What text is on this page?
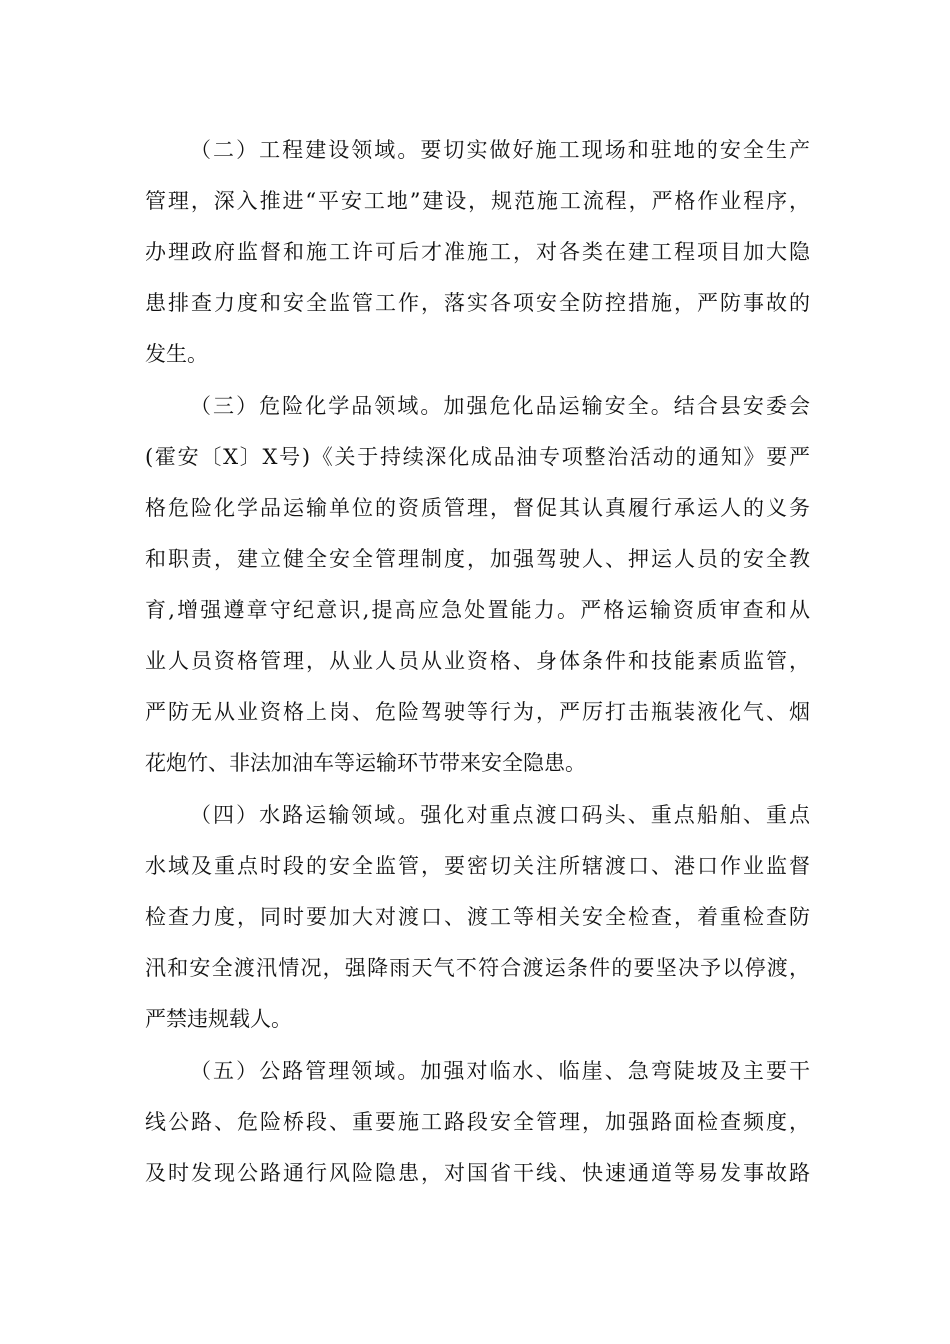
（二）工程建设领域。要切实做好施工现场和驻地的安全生产
管理，深入推进“平安工地”建设，规范施工流程，严格作业程序，
办理政府监督和施工许可后才准施工，对各类在建工程项目加大隐
患排查力度和安全监管工作，落实各项安全防控措施，严防事故的
发生。
（三）危险化学品领域。加强危化品运输安全。结合县安委会
(霍安〔X〕X号)《关于持续深化成品油专项整治活动的通知》要严
格危险化学品运输单位的资质管理，督促其认真履行承运人的义务
和职责，建立健全安全管理制度，加强驾驶人、押运人员的安全教
育,增强遵章守纪意识,提高应急处置能力。严格运输资质审查和从
业人员资格管理，从业人员从业资格、身体条件和技能素质监管，
严防无从业资格上岗、危险驾驶等行为，严厉打击瓶装液化气、烟
花炮竹、非法加油车等运输环节带来安全隐患。
（四）水路运输领域。强化对重点渡口码头、重点船舶、重点
水域及重点时段的安全监管，要密切关注所辖渡口、港口作业监督
检查力度，同时要加大对渡口、渡工等相关安全检查，着重检查防
汛和安全渡汛情况，强降雨天气不符合渡运条件的要坚决予以停渡，
严禁违规载人。
（五）公路管理领域。加强对临水、临崖、急弯陡坡及主要干
线公路、危险桥段、重要施工路段安全管理，加强路面检查频度，
及时发现公路通行风险隐患，对国省干线、快速通道等易发事故路
